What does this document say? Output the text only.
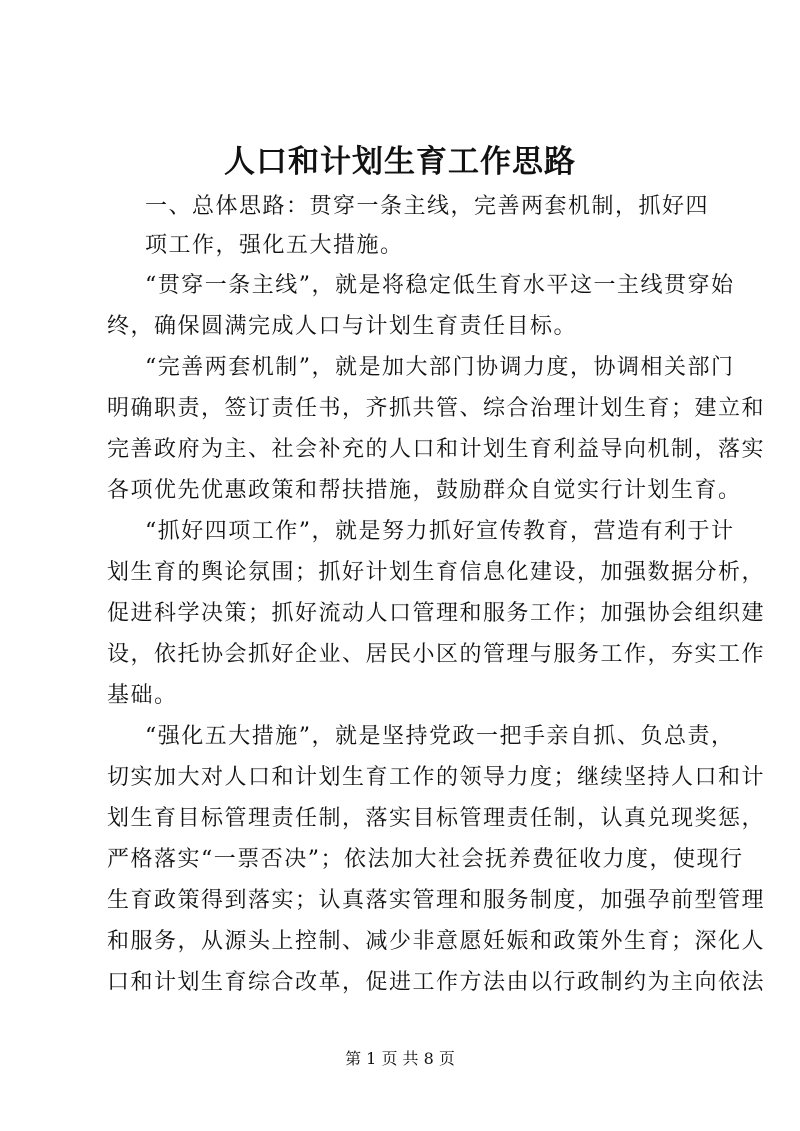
人口和计划生育工作思路
一、总体思路：贯穿一条主线，完善两套机制，抓好四
项工作，强化五大措施。
“贯穿一条主线”，就是将稳定低生育水平这一主线贯穿始
终，确保圆满完成人口与计划生育责任目标。
“完善两套机制”，就是加大部门协调力度，协调相关部门
明确职责，签订责任书，齐抓共管、综合治理计划生育；建立和
完善政府为主、社会补充的人口和计划生育利益导向机制，落实
各项优先优惠政策和帮扶措施，鼓励群众自觉实行计划生育。
“抓好四项工作”，就是努力抓好宣传教育，营造有利于计
划生育的舆论氛围；抓好计划生育信息化建设，加强数据分析，
促进科学决策；抓好流动人口管理和服务工作；加强协会组织建
设，依托协会抓好企业、居民小区的管理与服务工作，夯实工作
基础。
“强化五大措施”，就是坚持党政一把手亲自抓、负总责，
切实加大对人口和计划生育工作的领导力度；继续坚持人口和计
划生育目标管理责任制，落实目标管理责任制，认真兑现奖惩，
严格落实“一票否决”；依法加大社会抚养费征收力度，使现行
生育政策得到落实；认真落实管理和服务制度，加强孕前型管理
和服务，从源头上控制、减少非意愿妊娠和政策外生育；深化人
口和计划生育综合改革，促进工作方法由以行政制约为主向依法
第 1 页 共 8 页
